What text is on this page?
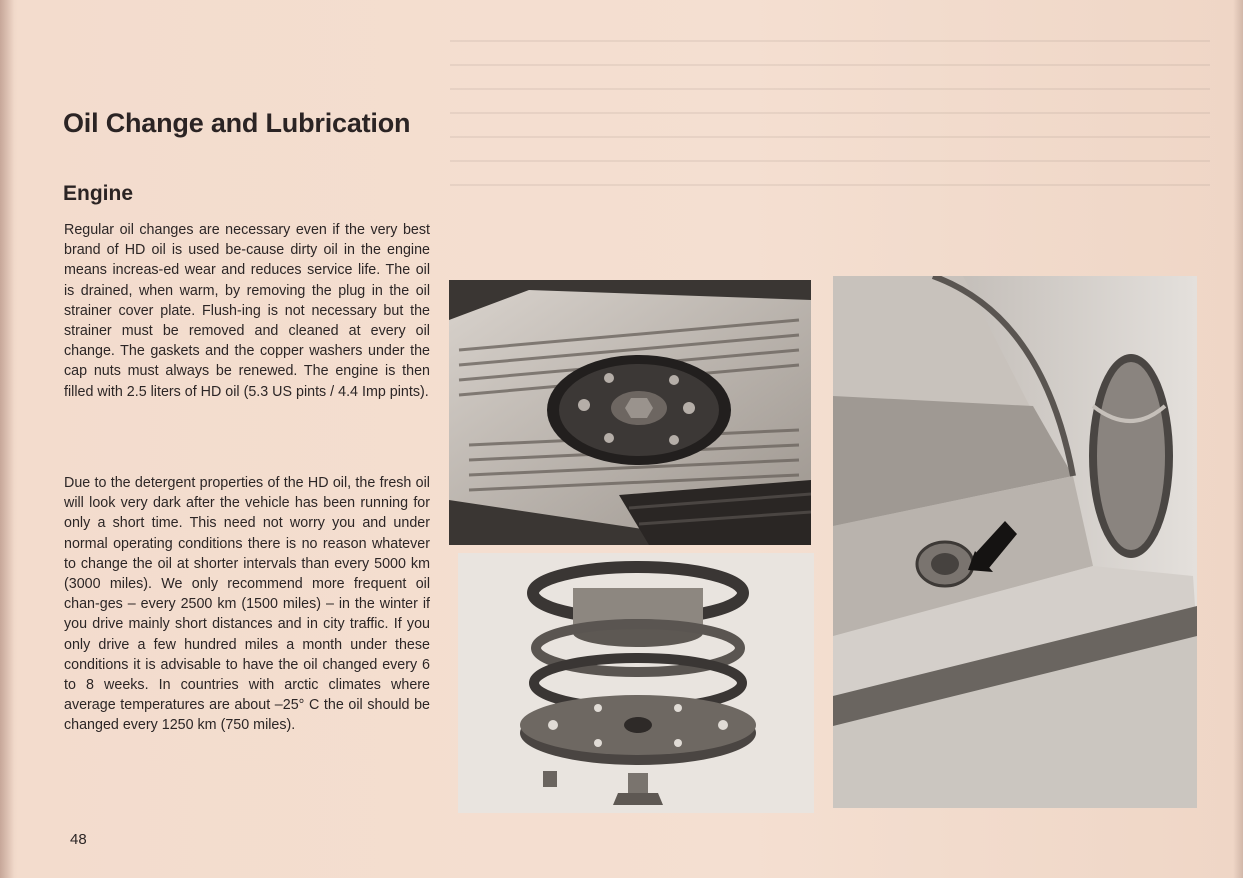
Oil Change and Lubrication
Engine
Regular oil changes are necessary even if the very best brand of HD oil is used be-cause dirty oil in the engine means increas-ed wear and reduces service life. The oil is drained, when warm, by removing the plug in the oil strainer cover plate. Flush-ing is not necessary but the strainer must be removed and cleaned at every oil change. The gaskets and the copper washers under the cap nuts must always be renewed. The engine is then filled with 2.5 liters of HD oil (5.3 US pints / 4.4 Imp pints).
Due to the detergent properties of the HD oil, the fresh oil will look very dark after the vehicle has been running for only a short time. This need not worry you and under normal operating conditions there is no reason whatever to change the oil at shorter intervals than every 5000 km (3000 miles). We only recommend more frequent oil chan-ges – every 2500 km (1500 miles) – in the winter if you drive mainly short distances and in city traffic. If you only drive a few hundred miles a month under these conditions it is advisable to have the oil changed every 6 to 8 weeks. In countries with arctic climates where average temperatures are about –25° C the oil should be changed every 1250 km (750 miles).
48
